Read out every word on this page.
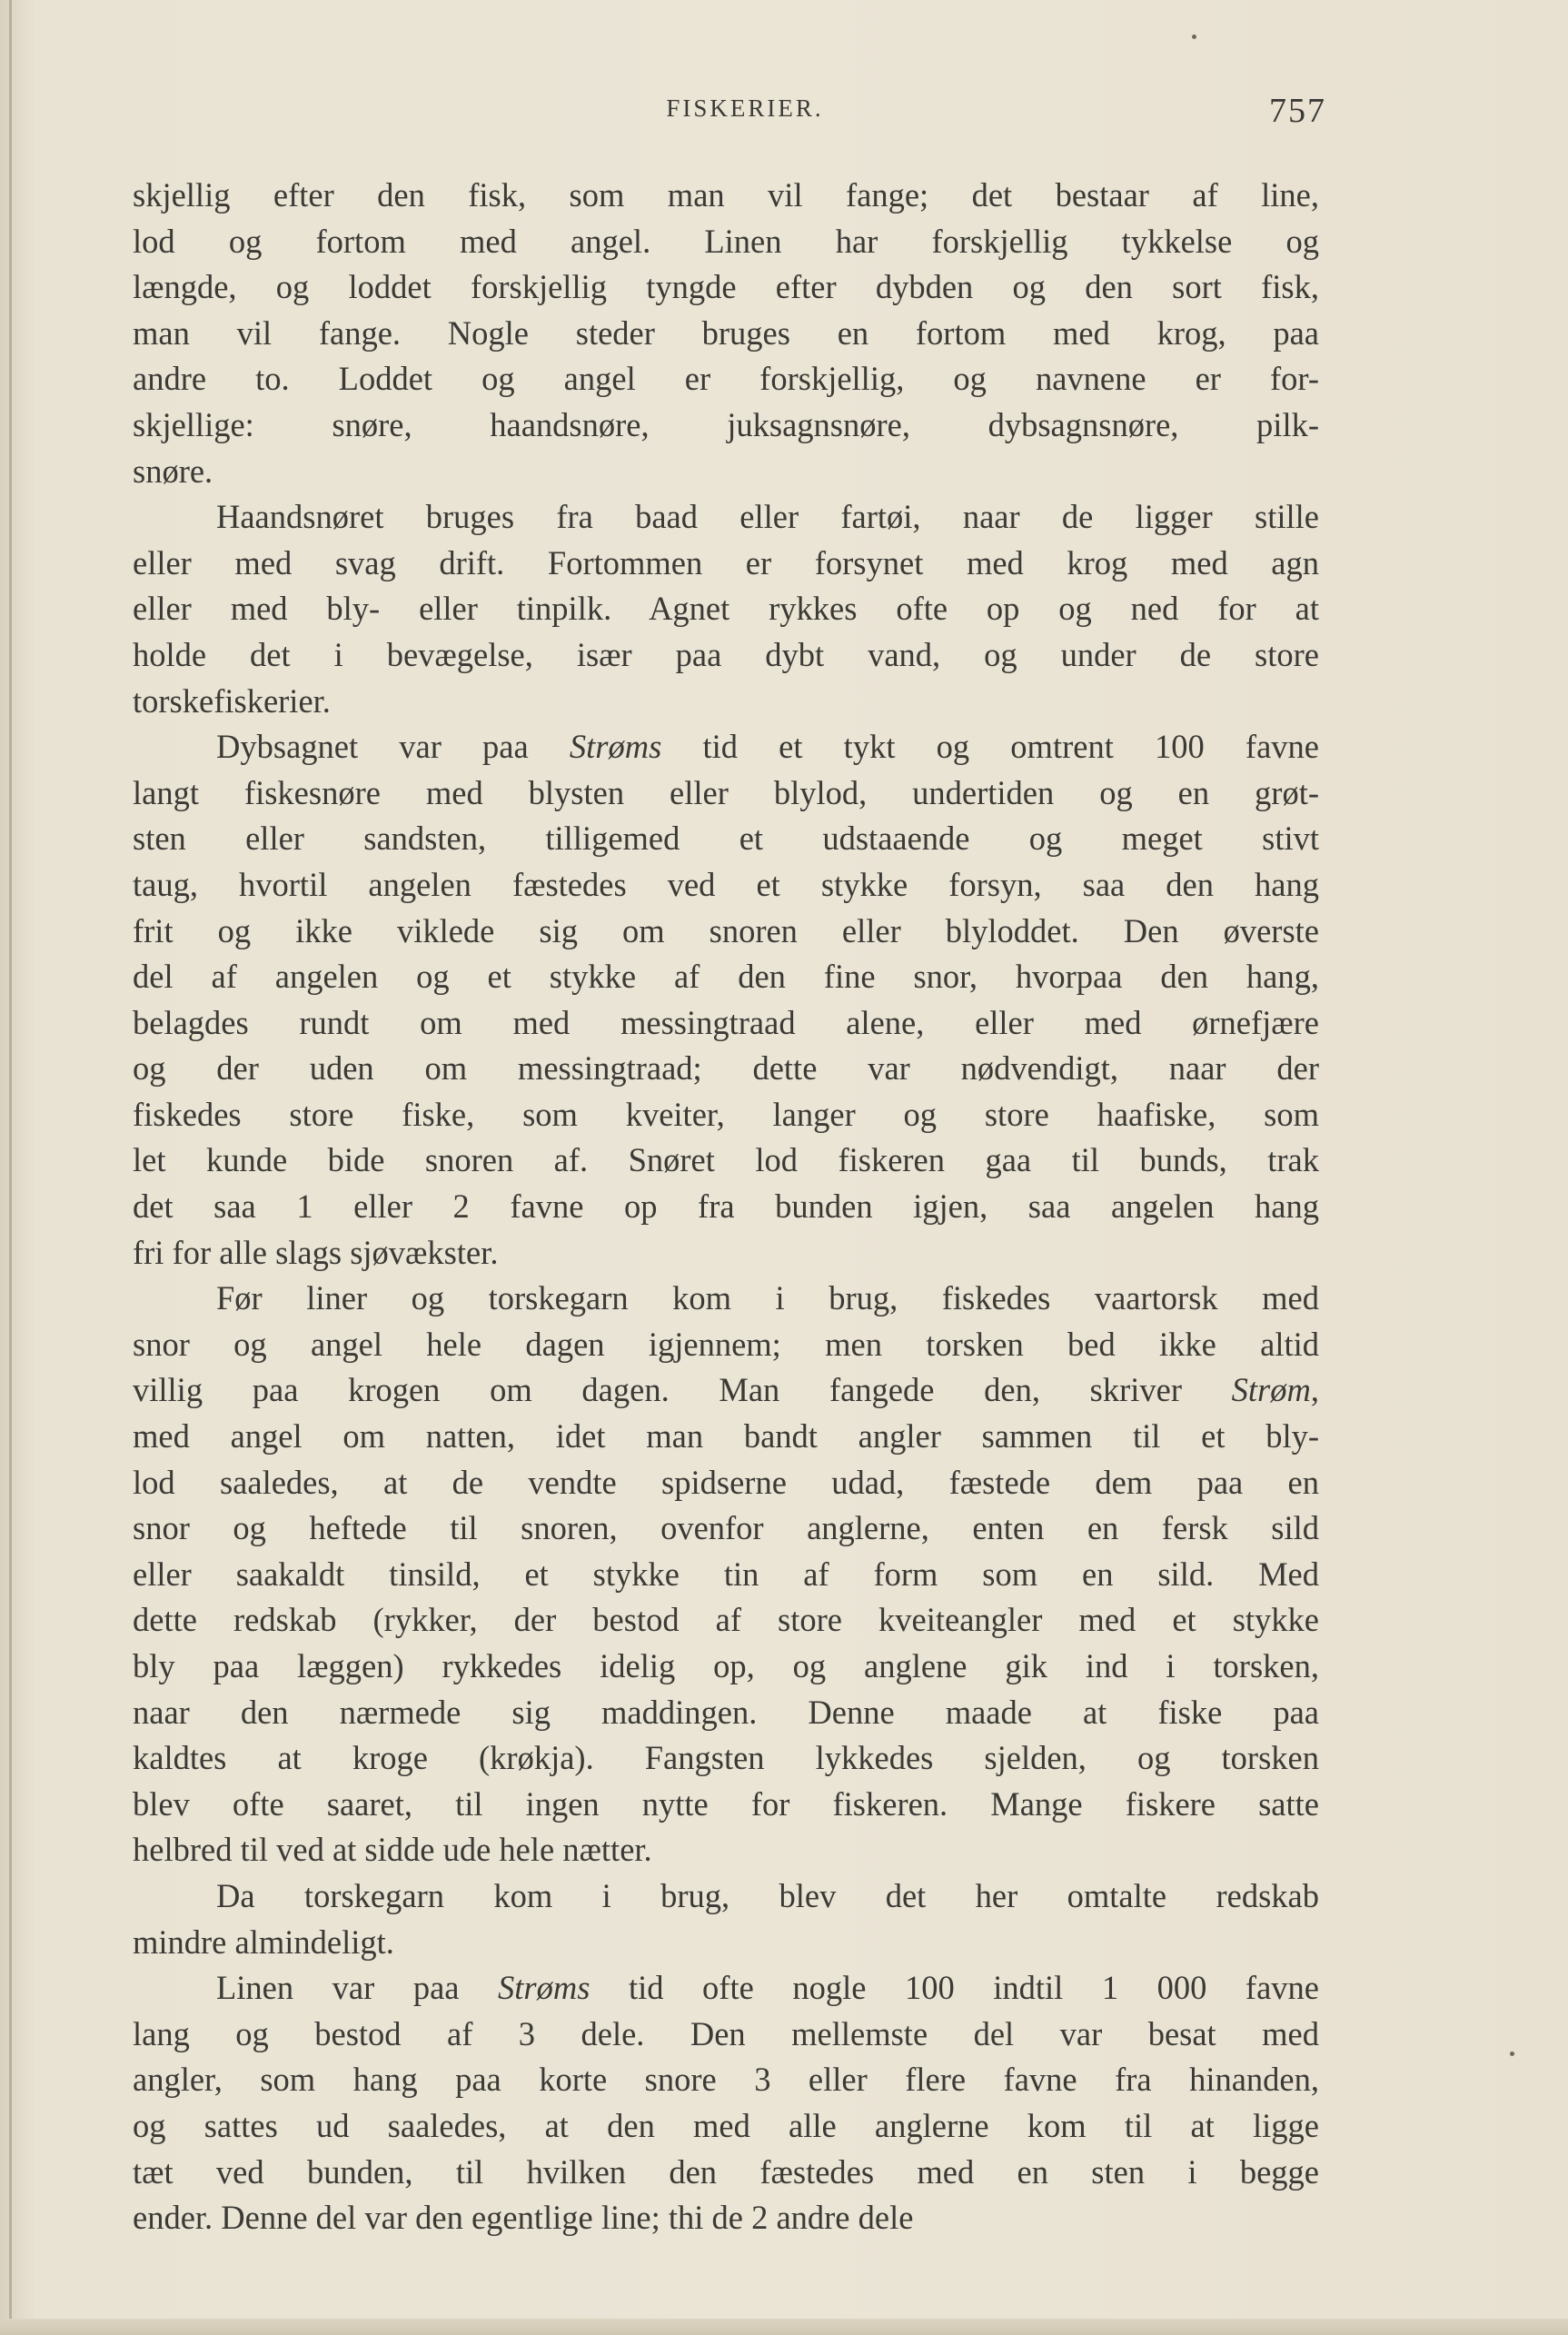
FISKERIER.	757
skjellig efter den fisk, som man vil fange; det bestaar af line,
lod og fortom med angel. Linen har forskjellig tykkelse og
længde, og loddet forskjellig tyngde efter dybden og den sort fisk,
man vil fange. Nogle steder bruges en fortom med krog, paa
andre to. Loddet og angel er forskjellig, og navnene er for-
skjellige: snøre, haandsnøre, juksagnsnøre, dybsagnsnøre, pilk-
snøre.
Haandsnøret bruges fra baad eller fartøi, naar de ligger stille
eller med svag drift. Fortommen er forsynet med krog med agn
eller med bly- eller tinpilk. Agnet rykkes ofte op og ned for at
holde det i bevægelse, især paa dybt vand, og under de store
torskefiskerier.
Dybsagnet var paa Strøms tid et tykt og omtrent 100 favne
langt fiskesnøre med blysten eller blylod, undertiden og en grøt-
sten eller sandsten, tilligemed et udstaaende og meget stivt
taug, hvortil angelen fæstedes ved et stykke forsyn, saa den hang
frit og ikke viklede sig om snoren eller blyloddet. Den øverste
del af angelen og et stykke af den fine snor, hvorpaa den hang,
belagdes rundt om med messingtraad alene, eller med ørnefjære
og der uden om messingtraad; dette var nødvendigt, naar der
fiskedes store fiske, som kveiter, langer og store haafiske, som
let kunde bide snoren af. Snøret lod fiskeren gaa til bunds, trak
det saa 1 eller 2 favne op fra bunden igjen, saa angelen hang
fri for alle slags sjøvækster.
Før liner og torskegarn kom i brug, fiskedes vaartorsk med
snor og angel hele dagen igjennem; men torsken bed ikke altid
villig paa krogen om dagen. Man fangede den, skriver Strøm,
med angel om natten, idet man bandt angler sammen til et bly-
lod saaledes, at de vendte spidserne udad, fæstede dem paa en
snor og heftede til snoren, ovenfor anglerne, enten en fersk sild
eller saakaldt tinsild, et stykke tin af form som en sild. Med
dette redskab (rykker, der bestod af store kveiteangler med et stykke
bly paa læggen) rykkedes idelig op, og anglene gik ind i torsken,
naar den nærmede sig maddingen. Denne maade at fiske paa
kaldtes at kroge (krøkja). Fangsten lykkedes sjelden, og torsken
blev ofte saaret, til ingen nytte for fiskeren. Mange fiskere satte
helbred til ved at sidde ude hele nætter.
Da torskegarn kom i brug, blev det her omtalte redskab
mindre almindeligt.
Linen var paa Strøms tid ofte nogle 100 indtil 1 000 favne
lang og bestod af 3 dele. Den mellemste del var besat med
angler, som hang paa korte snore 3 eller flere favne fra hinanden,
og sattes ud saaledes, at den med alle anglerne kom til at ligge
tæt ved bunden, til hvilken den fæstedes med en sten i begge
ender. Denne del var den egentlige line; thi de 2 andre dele
